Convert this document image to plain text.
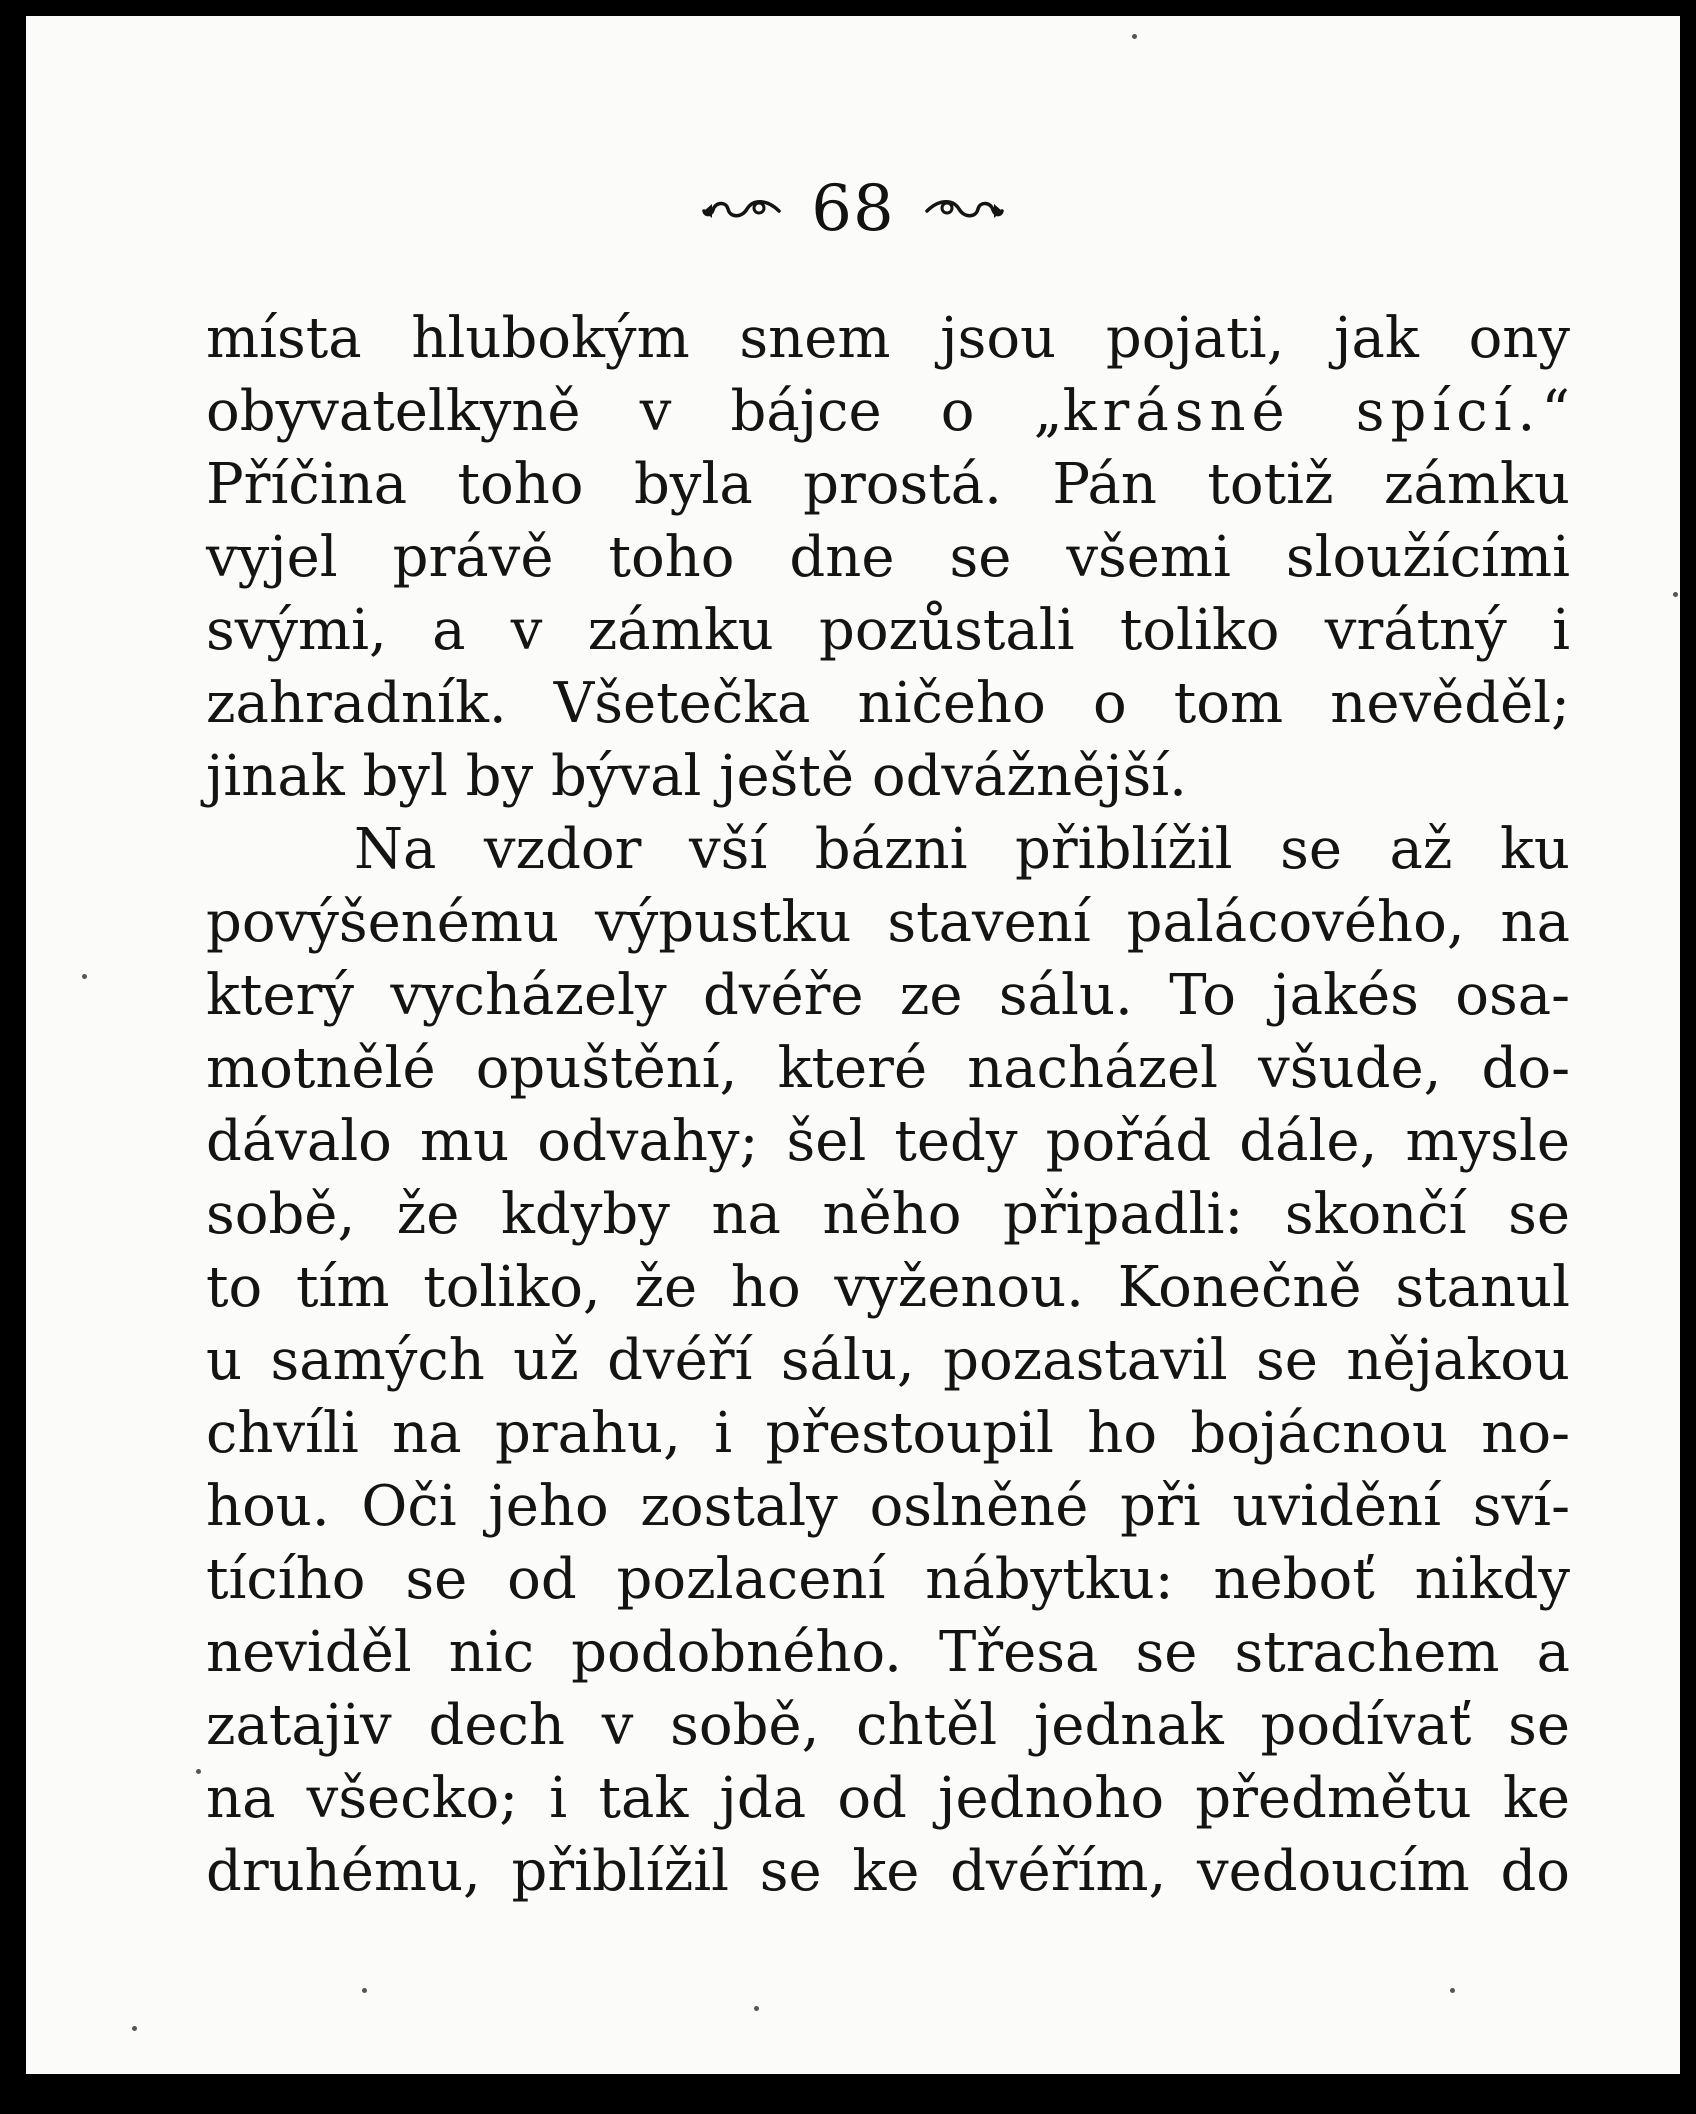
68
místa hlubokým snem jsou pojati, jak ony
obyvatelkyně v bájce o „krásné spící.“
Příčina toho byla prostá. Pán totiž zámku
vyjel právě toho dne se všemi sloužícími
svými, a v zámku pozůstali toliko vrátný i
zahradník. Všetečka ničeho o tom nevěděl;
jinak byl by býval ještě odvážnější.
Na vzdor vší bázni přiblížil se až ku
povýšenému výpustku stavení palácového, na
který vycházely dvéře ze sálu. To jakés osa-
motnělé opuštění, které nacházel všude, do-
dávalo mu odvahy; šel tedy pořád dále, mysle
sobě, že kdyby na něho připadli: skončí se
to tím toliko, že ho vyženou. Konečně stanul
u samých už dvéří sálu, pozastavil se nějakou
chvíli na prahu, i přestoupil ho bojácnou no-
hou. Oči jeho zostaly oslněné při uvidění sví-
tícího se od pozlacení nábytku: neboť nikdy
neviděl nic podobného. Třesa se strachem a
zatajiv dech v sobě, chtěl jednak podívať se
na všecko; i tak jda od jednoho předmětu ke
druhému, přiblížil se ke dvéřím, vedoucím do
